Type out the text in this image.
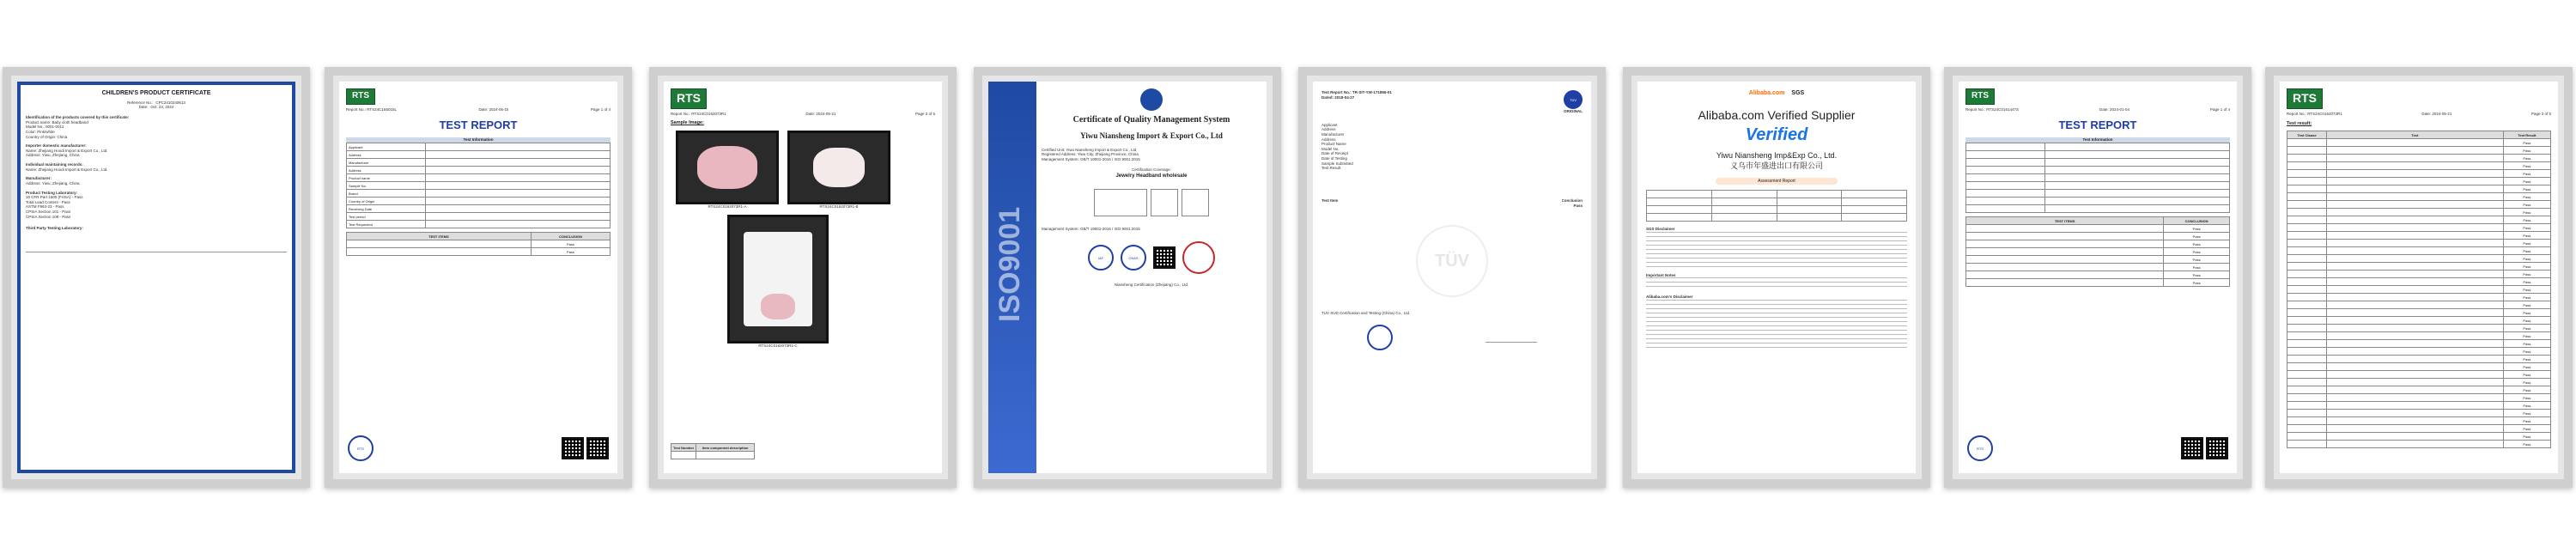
CHILDREN'S PRODUCT CERTIFICATE
Reference No.: CPC2410240613
Date: Oct. 24, 2024
Identification of the products covered by this certificate:
Product name: Baby cloth headband
Model No.: 0001-0012
Color: Pink/white
Country of Origin: China
Importer domestic manufacturer:
Name: Zhejiang Hoodi Import & Export Co., Ltd.
Address: Yiwu, Zhejiang, China
Individual maintaining records:
Name: Zhejiang Hoodi Import & Export Co., Ltd.
Manufacturer:
Address: Yiwu, Zhejiang, China
Product Testing Laboratory:
16 CFR Part 1500 (FHSA) - Pass
Total Lead Content - Pass
ASTM F963-23 - Pass
CPSIA Section 101 - Pass
CPSIA Section 108 - Pass
Third Party Testing Laboratory:
RTS
Report No.: RTS24C165015L	Date: 2024-05-15	Page 1 of 4
TEST REPORT
Test Information
Applicant	
Address	
Manufacturer	
Address	
Product name	
Sample No.	
Brand	
Country of Origin	
Receiving Date	
Test period	
Test Requested	
TEST ITEMS	CONCLUSION
	Pass
	Pass
RTS
RTS
Report No.: RTS24C0162073R1	Date: 2024-05-21	Page 2 of 5
Sample Image:
RTS24C0162073R1-A	RTS24C0162073R1-B
RTS24C0162073R1-C
Test Number	Item component description

ISO9001
Certificate of Quality Management System
Yiwu Niansheng Import & Export Co., Ltd
Certified Unit: Yiwu Niansheng Import & Export Co., Ltd
Registered Address: Yiwu City, Zhejiang Province, China
Management System: GB/T 19001-2016 / ISO 9001:2015
Certification Coverage:
Jewelry Headband wholesale
Management System: GB/T 19001-2016 / ISO 9001:2015
IAF	CNAS
Niansheng Certification (Zhejiang) Co., Ltd.
Test Report No.: TR-SIT-YW-171855-01
Dated: 2018-04-27
TÜV
ORIGINAL
Applicant
Address
Manufacturer
Address
Product Name
Model No.
Date of Receipt
Date of Testing
Sample Submitted
Test Result
Test Item	Conclusion
Pass
TÜV
TUV SUD Certification and Testing (China) Co., Ltd.
Alibaba.com SGS
Alibaba.com Verified Supplier
Verified
Yiwu Niansheng Imp&Exp Co., Ltd.
义乌市年盛进出口有限公司
Assessment Report

SGS Disclaimer
Important Notes
Alibaba.com's Disclaimer
RTS
Report No.: RTS24C0161447S	Date: 2024-01-04	Page 1 of 4
TEST REPORT
Test Information

TEST ITEMS	CONCLUSION
	Pass
	Pass
	Pass
	Pass
	Pass
	Pass
	Pass
	Pass
RTS
RTS
Report No.: RTS24C0162073R1	Date: 2024-05-21	Page 3 of 5
Test result:
Test Clause	Test	Test Result
		Pass
		Pass
		Pass
		Pass
		Pass
		Pass
		Pass
		Pass
		Pass
		Pass
		Pass
		Pass
		Pass
		Pass
		Pass
		Pass
		Pass
		Pass
		Pass
		Pass
		Pass
		Pass
		Pass
		Pass
		Pass
		Pass
		Pass
		Pass
		Pass
		Pass
		Pass
		Pass
		Pass
		Pass
		Pass
		Pass
		Pass
		Pass
		Pass
		Pass
